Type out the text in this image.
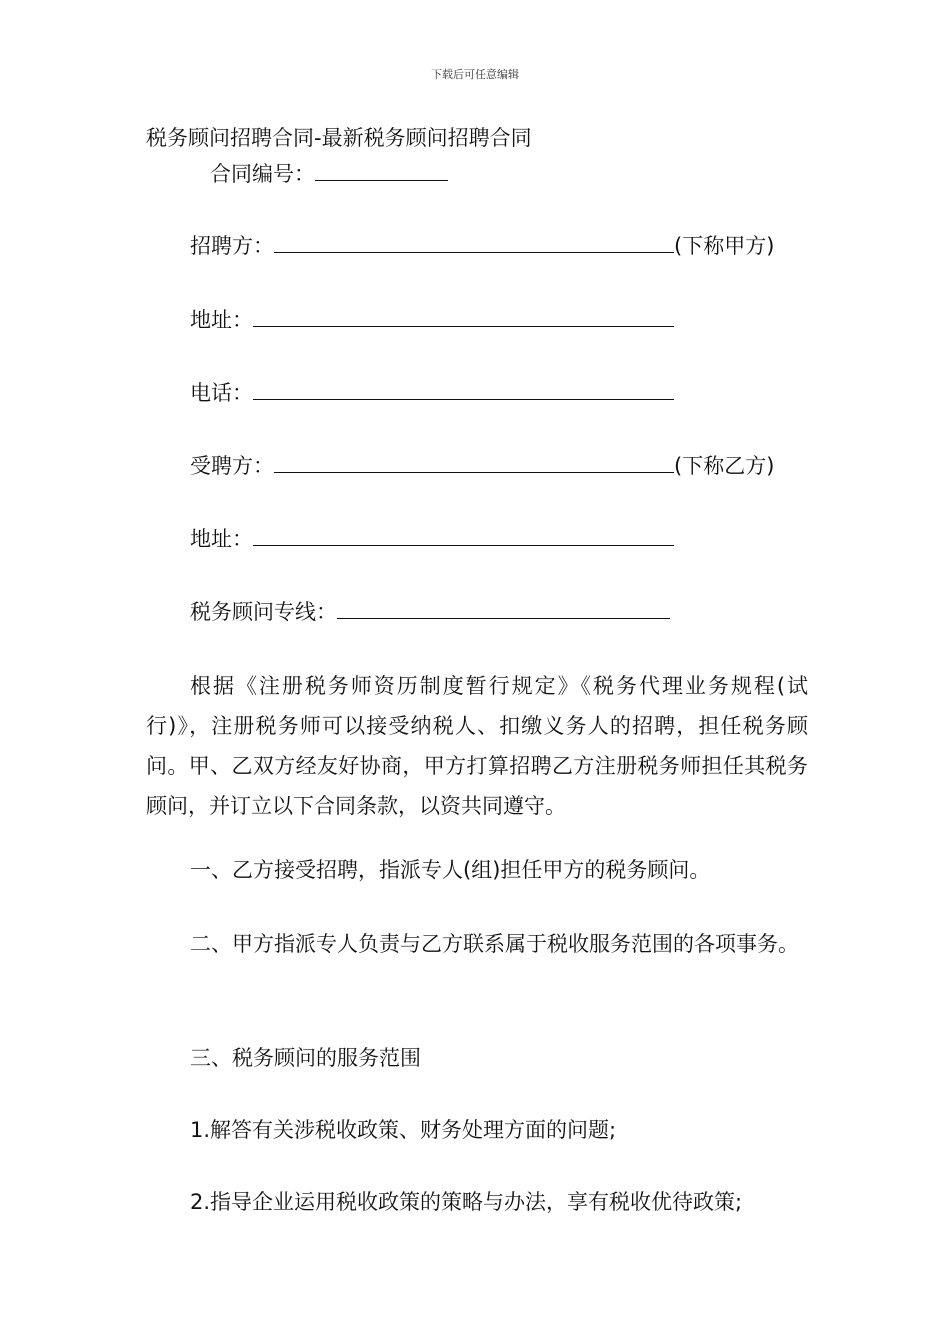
下载后可任意编辑
税务顾问招聘合同-最新税务顾问招聘合同
合同编号：
招聘方：	(下称甲方)
地址：
电话：
受聘方：	(下称乙方)
地址：
税务顾问专线：
根据《注册税务师资历制度暂行规定》《税务代理业务规程(试行)》，注册税务师可以接受纳税人、扣缴义务人的招聘，担任税务顾问。甲、乙双方经友好协商，甲方打算招聘乙方注册税务师担任其税务顾问，并订立以下合同条款，以资共同遵守。
一、乙方接受招聘，指派专人(组)担任甲方的税务顾问。
二、甲方指派专人负责与乙方联系属于税收服务范围的各项事务。
三、税务顾问的服务范围
1.解答有关涉税收政策、财务处理方面的问题;
2.指导企业运用税收政策的策略与办法，享有税收优待政策;
